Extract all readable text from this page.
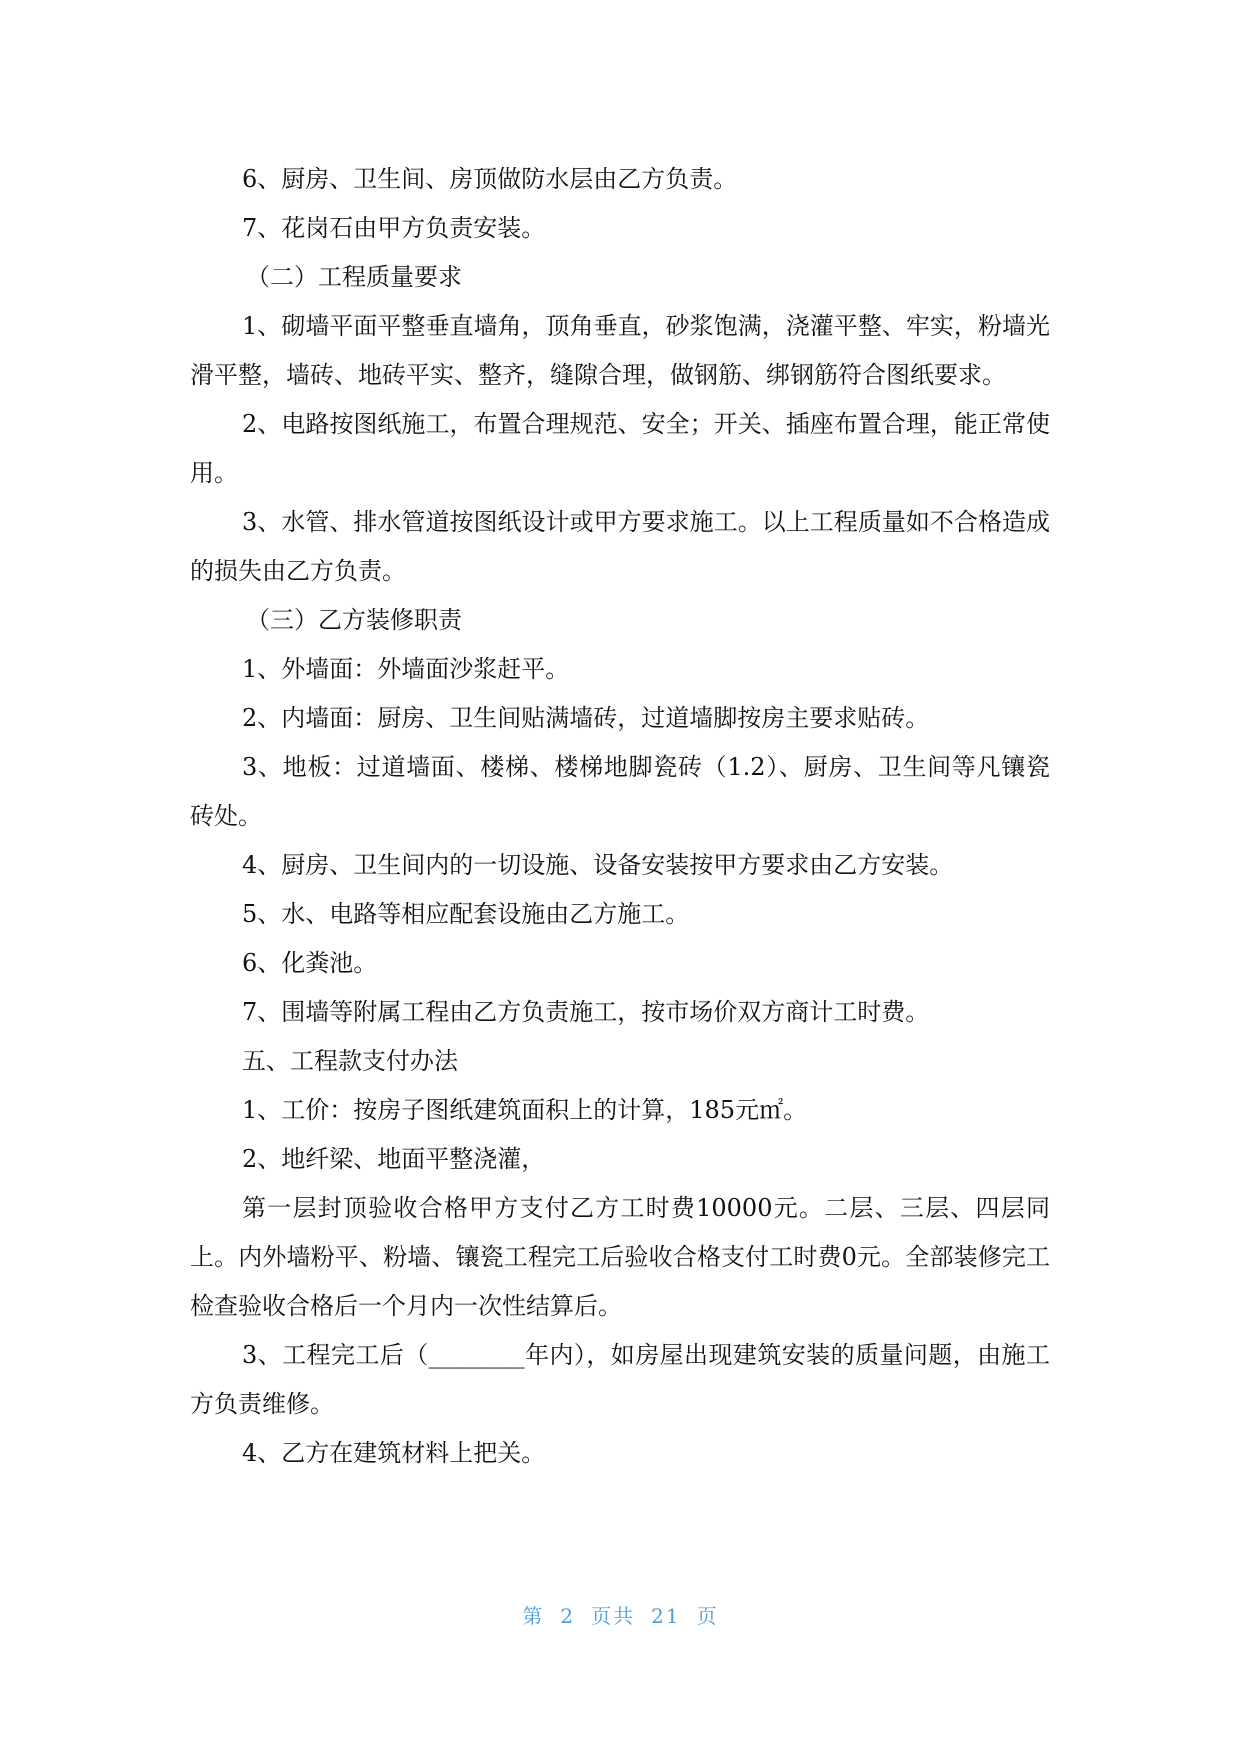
6、厨房、卫生间、房顶做防水层由乙方负责。

7、花岗石由甲方负责安装。

（二）工程质量要求

1、砌墙平面平整垂直墙角，顶角垂直，砂浆饱满，浇灌平整、牢实，粉墙光滑平整，墙砖、地砖平实、整齐，缝隙合理，做钢筋、绑钢筋符合图纸要求。

2、电路按图纸施工，布置合理规范、安全；开关、插座布置合理，能正常使用。

3、水管、排水管道按图纸设计或甲方要求施工。以上工程质量如不合格造成的损失由乙方负责。

（三）乙方装修职责

1、外墙面：外墙面沙浆赶平。

2、内墙面：厨房、卫生间贴满墙砖，过道墙脚按房主要求贴砖。

3、地板：过道墙面、楼梯、楼梯地脚瓷砖（1.2）、厨房、卫生间等凡镶瓷砖处。

4、厨房、卫生间内的一切设施、设备安装按甲方要求由乙方安装。

5、水、电路等相应配套设施由乙方施工。

6、化粪池。

7、围墙等附属工程由乙方负责施工，按市场价双方商计工时费。

五、工程款支付办法

1、工价：按房子图纸建筑面积上的计算，185元㎡。

2、地纤梁、地面平整浇灌，

第一层封顶验收合格甲方支付乙方工时费10000元。二层、三层、四层同上。内外墙粉平、粉墙、镶瓷工程完工后验收合格支付工时费0元。全部装修完工检查验收合格后一个月内一次性结算后。

3、工程完工后（________年内），如房屋出现建筑安装的质量问题，由施工方负责维修。

4、乙方在建筑材料上把关。

第 2 页共 21 页
